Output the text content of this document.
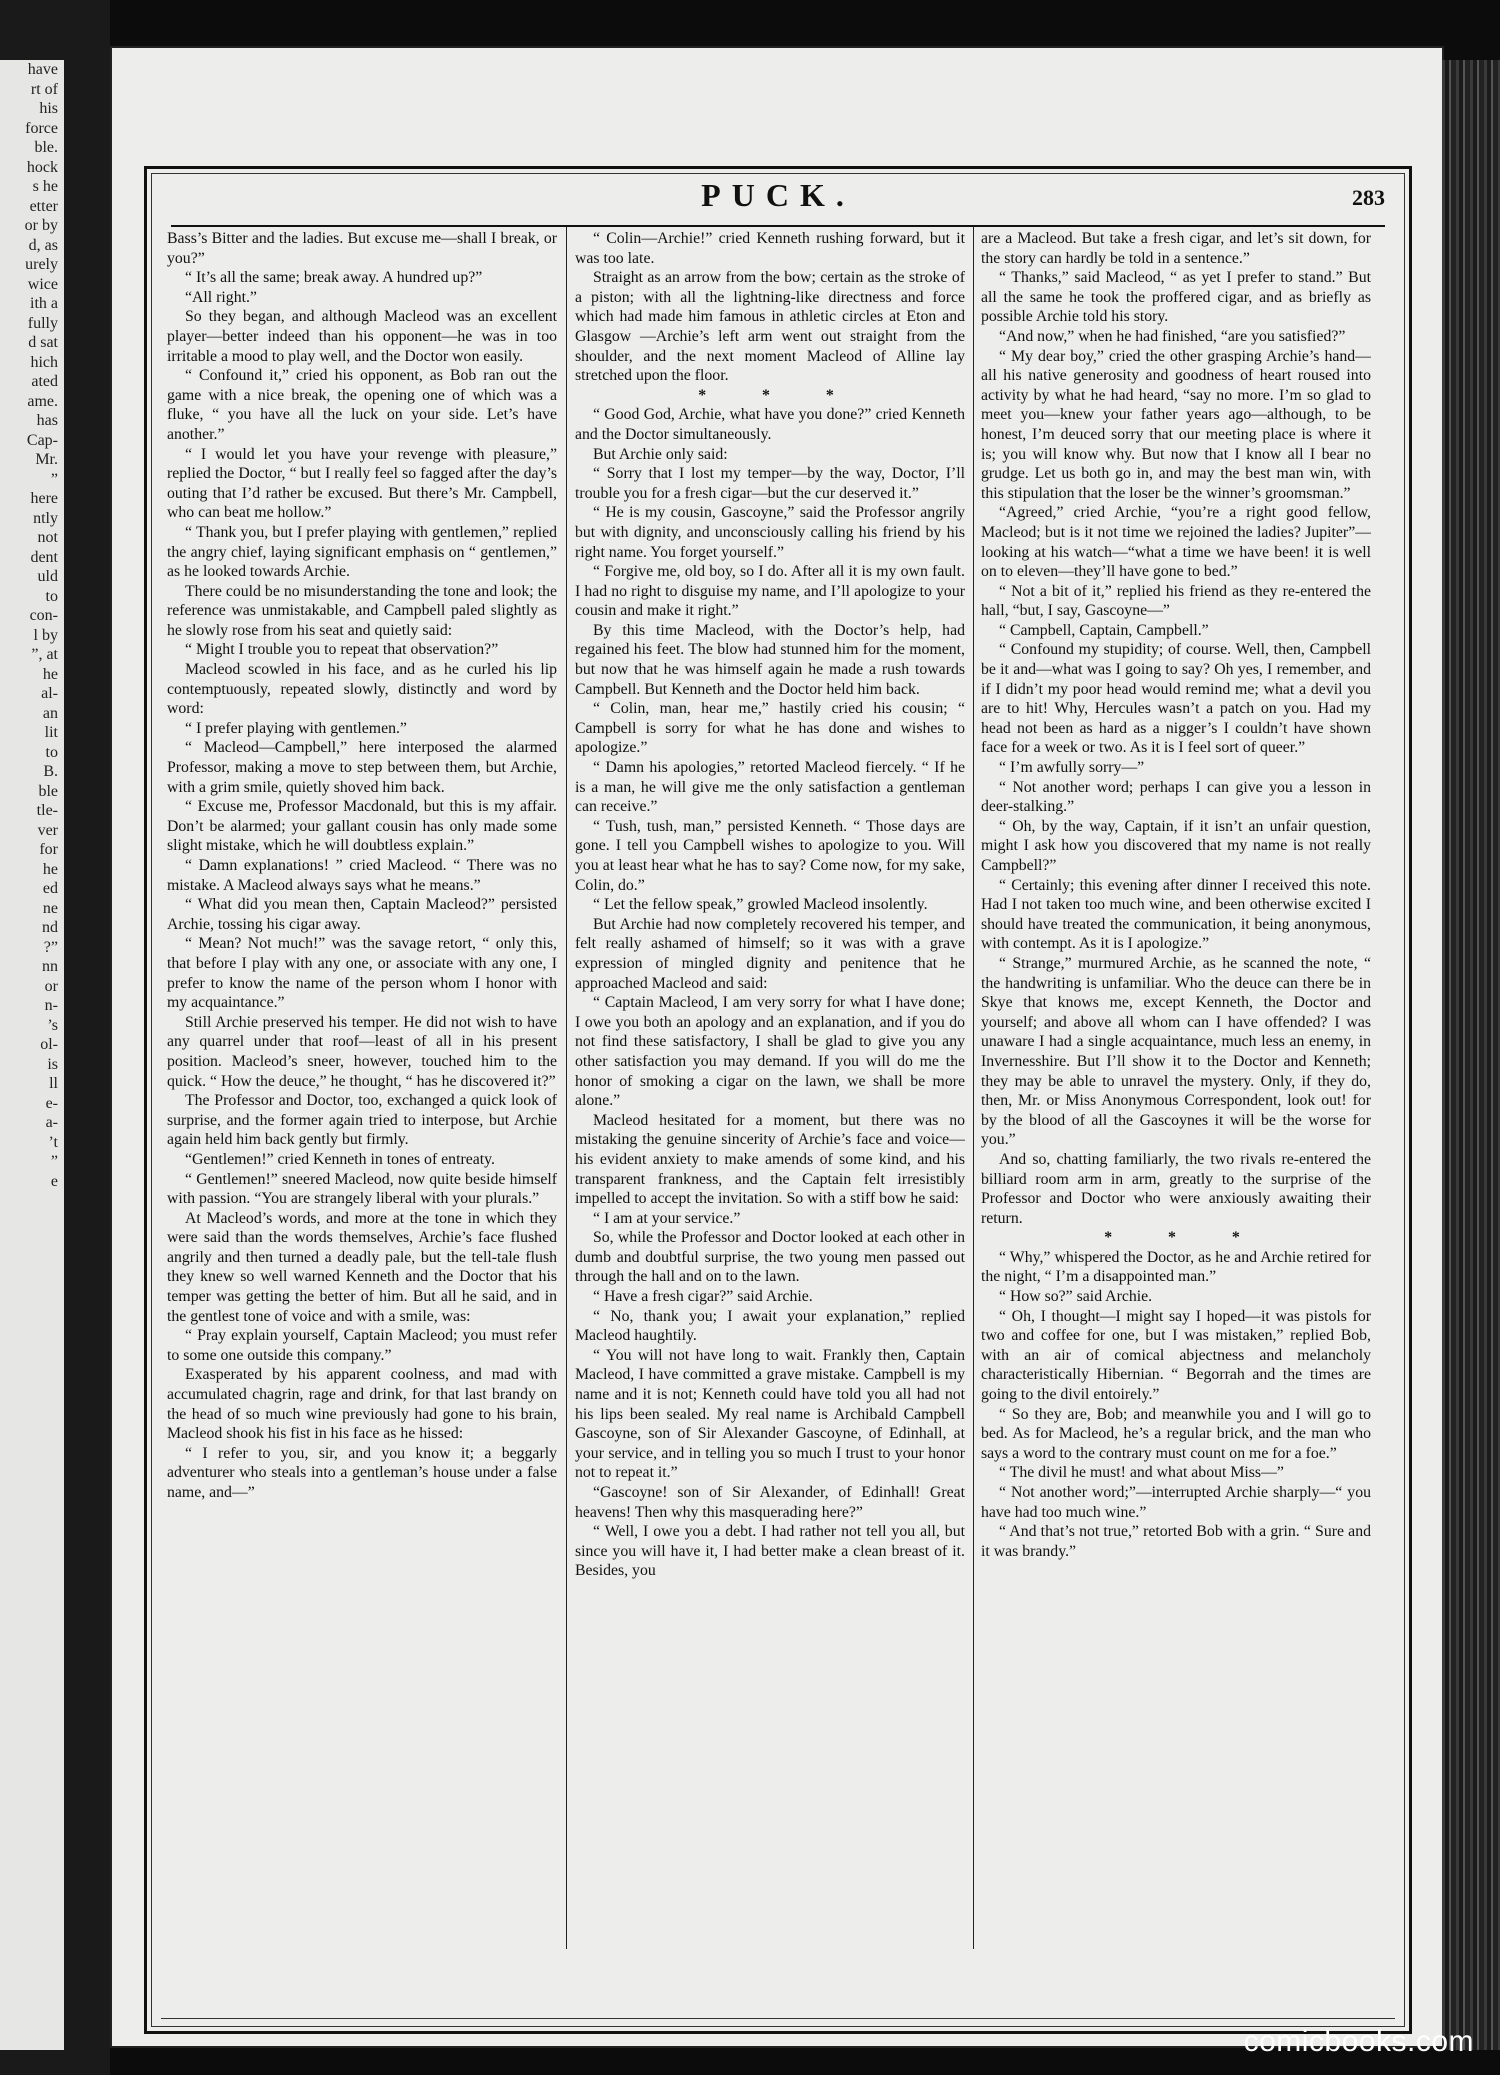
have
rt of
his
force
ble.
hock
s he
etter
or by
d, as
urely
wice
ith a
fully
d sat
hich
ated
ame.
has
Cap-
Mr.
”
here
ntly
not
dent
uld
to
con-
l by
”, at
he
al-
an
lit
to
B.
ble
tle-
ver
for
he
ed
ne
nd
?”
nn
or
n-
’s
ol-
is
ll
e-
a-
’t
”
e
PUCK.	283

Bass’s Bitter and the ladies. But excuse me—shall I break, or you?”

“ It’s all the same; break away. A hundred up?”

“All right.”

So they began, and although Macleod was an excellent player—better indeed than his opponent—he was in too irritable a mood to play well, and the Doctor won easily.

“ Confound it,” cried his opponent, as Bob ran out the game with a nice break, the opening one of which was a fluke, “ you have all the luck on your side. Let’s have another.”

“ I would let you have your revenge with pleasure,” replied the Doctor, “ but I really feel so fagged after the day’s outing that I’d rather be excused. But there’s Mr. Campbell, who can beat me hollow.”

“ Thank you, but I prefer playing with gentlemen,” replied the angry chief, laying significant emphasis on “ gentlemen,” as he looked towards Archie.

There could be no misunderstanding the tone and look; the reference was unmistakable, and Campbell paled slightly as he slowly rose from his seat and quietly said:

“ Might I trouble you to repeat that observation?”

Macleod scowled in his face, and as he curled his lip contemptuously, repeated slowly, distinctly and word by word:

“ I prefer playing with gentlemen.”

“ Macleod—Campbell,” here interposed the alarmed Professor, making a move to step between them, but Archie, with a grim smile, quietly shoved him back.

“ Excuse me, Professor Macdonald, but this is my affair. Don’t be alarmed; your gallant cousin has only made some slight mistake, which he will doubtless explain.”

“ Damn explanations! ” cried Macleod. “ There was no mistake. A Macleod always says what he means.”

“ What did you mean then, Captain Macleod?” persisted Archie, tossing his cigar away.

“ Mean? Not much!” was the savage retort, “ only this, that before I play with any one, or associate with any one, I prefer to know the name of the person whom I honor with my acquaintance.”

Still Archie preserved his temper. He did not wish to have any quarrel under that roof—least of all in his present position. Macleod’s sneer, however, touched him to the quick. “ How the deuce,” he thought, “ has he discovered it?”

The Professor and Doctor, too, exchanged a quick look of surprise, and the former again tried to interpose, but Archie again held him back gently but firmly.

“Gentlemen!” cried Kenneth in tones of entreaty.

“ Gentlemen!” sneered Macleod, now quite beside himself with passion. “You are strangely liberal with your plurals.”

At Macleod’s words, and more at the tone in which they were said than the words themselves, Archie’s face flushed angrily and then turned a deadly pale, but the tell-tale flush they knew so well warned Kenneth and the Doctor that his temper was getting the better of him. But all he said, and in the gentlest tone of voice and with a smile, was:

“ Pray explain yourself, Captain Macleod; you must refer to some one outside this company.”

Exasperated by his apparent coolness, and mad with accumulated chagrin, rage and drink, for that last brandy on the head of so much wine previously had gone to his brain, Macleod shook his fist in his face as he hissed:

“ I refer to you, sir, and you know it; a beggarly adventurer who steals into a gentleman’s house under a false name, and—”

“ Colin—Archie!” cried Kenneth rushing forward, but it was too late.

Straight as an arrow from the bow; certain as the stroke of a piston; with all the lightning-like directness and force which had made him famous in athletic circles at Eton and Glasgow —Archie’s left arm went out straight from the shoulder, and the next moment Macleod of Alline lay stretched upon the floor.

* * *

“ Good God, Archie, what have you done?” cried Kenneth and the Doctor simultaneously.

But Archie only said:

“ Sorry that I lost my temper—by the way, Doctor, I’ll trouble you for a fresh cigar—but the cur deserved it.”

“ He is my cousin, Gascoyne,” said the Professor angrily but with dignity, and unconsciously calling his friend by his right name. You forget yourself.”

“ Forgive me, old boy, so I do. After all it is my own fault. I had no right to disguise my name, and I’ll apologize to your cousin and make it right.”

By this time Macleod, with the Doctor’s help, had regained his feet. The blow had stunned him for the moment, but now that he was himself again he made a rush towards Campbell. But Kenneth and the Doctor held him back.

“ Colin, man, hear me,” hastily cried his cousin; “ Campbell is sorry for what he has done and wishes to apologize.”

“ Damn his apologies,” retorted Macleod fiercely. “ If he is a man, he will give me the only satisfaction a gentleman can receive.”

“ Tush, tush, man,” persisted Kenneth. “ Those days are gone. I tell you Campbell wishes to apologize to you. Will you at least hear what he has to say? Come now, for my sake, Colin, do.”

“ Let the fellow speak,” growled Macleod insolently.

But Archie had now completely recovered his temper, and felt really ashamed of himself; so it was with a grave expression of mingled dignity and penitence that he approached Macleod and said:

“ Captain Macleod, I am very sorry for what I have done; I owe you both an apology and an explanation, and if you do not find these satisfactory, I shall be glad to give you any other satisfaction you may demand. If you will do me the honor of smoking a cigar on the lawn, we shall be more alone.”

Macleod hesitated for a moment, but there was no mistaking the genuine sincerity of Archie’s face and voice—his evident anxiety to make amends of some kind, and his transparent frankness, and the Captain felt irresistibly impelled to accept the invitation. So with a stiff bow he said:

“ I am at your service.”

So, while the Professor and Doctor looked at each other in dumb and doubtful surprise, the two young men passed out through the hall and on to the lawn.

“ Have a fresh cigar?” said Archie.

“ No, thank you; I await your explanation,” replied Macleod haughtily.

“ You will not have long to wait. Frankly then, Captain Macleod, I have committed a grave mistake. Campbell is my name and it is not; Kenneth could have told you all had not his lips been sealed. My real name is Archibald Campbell Gascoyne, son of Sir Alexander Gascoyne, of Edinhall, at your service, and in telling you so much I trust to your honor not to repeat it.”

“Gascoyne! son of Sir Alexander, of Edinhall! Great heavens! Then why this masquerading here?”

“ Well, I owe you a debt. I had rather not tell you all, but since you will have it, I had better make a clean breast of it. Besides, you

are a Macleod. But take a fresh cigar, and let’s sit down, for the story can hardly be told in a sentence.”

“ Thanks,” said Macleod, “ as yet I prefer to stand.” But all the same he took the proffered cigar, and as briefly as possible Archie told his story.

“And now,” when he had finished, “are you satisfied?”

“ My dear boy,” cried the other grasping Archie’s hand—all his native generosity and goodness of heart roused into activity by what he had heard, “say no more. I’m so glad to meet you—knew your father years ago—although, to be honest, I’m deuced sorry that our meeting place is where it is; you will know why. But now that I know all I bear no grudge. Let us both go in, and may the best man win, with this stipulation that the loser be the winner’s groomsman.”

“Agreed,” cried Archie, “you’re a right good fellow, Macleod; but is it not time we rejoined the ladies? Jupiter”—looking at his watch—“what a time we have been! it is well on to eleven—they’ll have gone to bed.”

“ Not a bit of it,” replied his friend as they re-entered the hall, “but, I say, Gascoyne—”

“ Campbell, Captain, Campbell.”

“ Confound my stupidity; of course. Well, then, Campbell be it and—what was I going to say? Oh yes, I remember, and if I didn’t my poor head would remind me; what a devil you are to hit! Why, Hercules wasn’t a patch on you. Had my head not been as hard as a nigger’s I couldn’t have shown face for a week or two. As it is I feel sort of queer.”

“ I’m awfully sorry—”

“ Not another word; perhaps I can give you a lesson in deer-stalking.”

“ Oh, by the way, Captain, if it isn’t an unfair question, might I ask how you discovered that my name is not really Campbell?”

“ Certainly; this evening after dinner I received this note. Had I not taken too much wine, and been otherwise excited I should have treated the communication, it being anonymous, with contempt. As it is I apologize.”

“ Strange,” murmured Archie, as he scanned the note, “ the handwriting is unfamiliar. Who the deuce can there be in Skye that knows me, except Kenneth, the Doctor and yourself; and above all whom can I have offended? I was unaware I had a single acquaintance, much less an enemy, in Invernesshire. But I’ll show it to the Doctor and Kenneth; they may be able to unravel the mystery. Only, if they do, then, Mr. or Miss Anonymous Correspondent, look out! for by the blood of all the Gascoynes it will be the worse for you.”

And so, chatting familiarly, the two rivals re-entered the billiard room arm in arm, greatly to the surprise of the Professor and Doctor who were anxiously awaiting their return.

* * *

“ Why,” whispered the Doctor, as he and Archie retired for the night, “ I’m a disappointed man.”

“ How so?” said Archie.

“ Oh, I thought—I might say I hoped—it was pistols for two and coffee for one, but I was mistaken,” replied Bob, with an air of comical abjectness and melancholy characteristically Hibernian. “ Begorrah and the times are going to the divil entoirely.”

“ So they are, Bob; and meanwhile you and I will go to bed. As for Macleod, he’s a regular brick, and the man who says a word to the contrary must count on me for a foe.”

“ The divil he must! and what about Miss—”

“ Not another word;”—interrupted Archie sharply—“ you have had too much wine.”

“ And that’s not true,” retorted Bob with a grin. “ Sure and it was brandy.”

comicbooks.com
